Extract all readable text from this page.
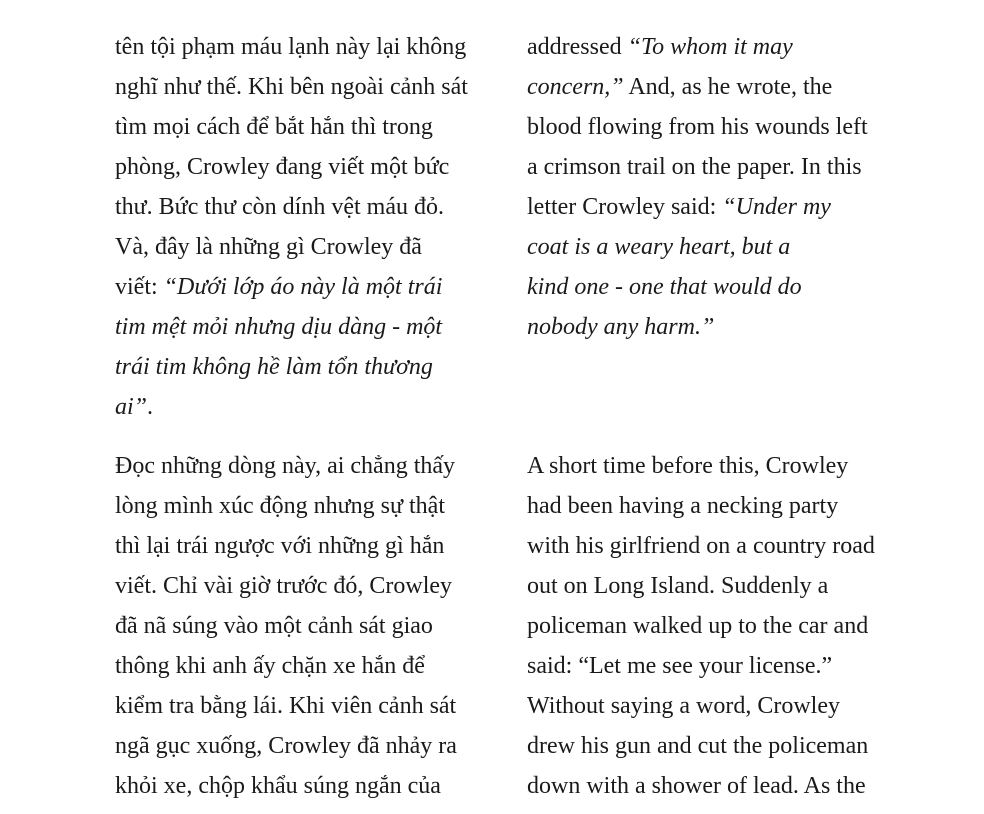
tên tội phạm máu lạnh này lại không
nghĩ như thế. Khi bên ngoài cảnh sát
tìm mọi cách để bắt hắn thì trong
phòng, Crowley đang viết một bức
thư. Bức thư còn dính vệt máu đỏ.
Và, đây là những gì Crowley đã
viết: “Dưới lớp áo này là một trái
tim mệt mỏi nhưng dịu dàng - một
trái tim không hề làm tổn thương
ai”.
addressed “To whom it may
concern,” And, as he wrote, the
blood flowing from his wounds left
a crimson trail on the paper. In this
letter Crowley said: “Under my
coat is a weary heart, but a
kind one - one that would do
nobody any harm.”
Đọc những dòng này, ai chẳng thấy
lòng mình xúc động nhưng sự thật
thì lại trái ngược với những gì hắn
viết. Chỉ vài giờ trước đó, Crowley
đã nã súng vào một cảnh sát giao
thông khi anh ấy chặn xe hắn để
kiểm tra bằng lái. Khi viên cảnh sát
ngã gục xuống, Crowley đã nhảy ra
khỏi xe, chộp khẩu súng ngắn của
A short time before this, Crowley
had been having a necking party
with his girlfriend on a country road
out on Long Island. Suddenly a
policeman walked up to the car and
said: “Let me see your license.”
Without saying a word, Crowley
drew his gun and cut the policeman
down with a shower of lead. As the
